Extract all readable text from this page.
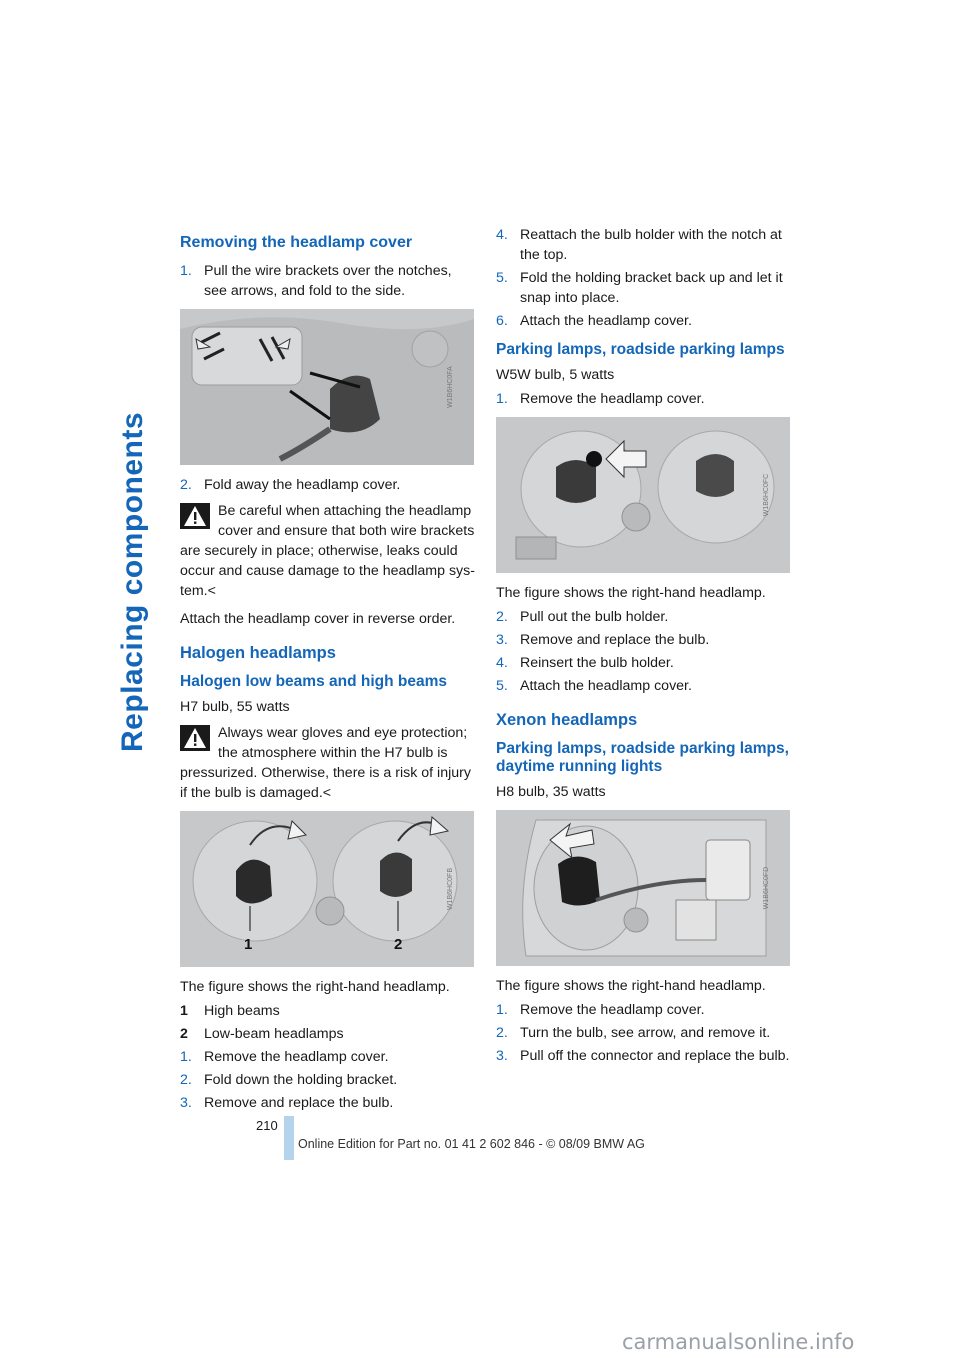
Replacing components
Removing the headlamp cover
1. Pull the wire brackets over the notches, see arrows, and fold to the side.
W1B6HC0FA
2. Fold away the headlamp cover.
Be careful when attaching the headlamp cover and ensure that both wire brackets are securely in place; otherwise, leaks could occur and cause damage to the headlamp sys-tem.<

Attach the headlamp cover in reverse order.

Halogen headlamps
Halogen low beams and high beams

H7 bulb, 55 watts

Always wear gloves and eye protection; the atmosphere within the H7 bulb is pressurized. Otherwise, there is a risk of injury if the bulb is damaged.<
1	2
W1B6HC0FB

The figure shows the right-hand headlamp.

1	High beams
2	Low-beam headlamps
1. Remove the headlamp cover.
2. Fold down the holding bracket.
3. Remove and replace the bulb.
4. Reattach the bulb holder with the notch at the top.
5. Fold the holding bracket back up and let it snap into place.
6. Attach the headlamp cover.
Parking lamps, roadside parking lamps

W5W bulb, 5 watts

1. Remove the headlamp cover.
W1B6HC0FC

The figure shows the right-hand headlamp.

2. Pull out the bulb holder.
3. Remove and replace the bulb.
4. Reinsert the bulb holder.
5. Attach the headlamp cover.
Xenon headlamps
Parking lamps, roadside parking lamps, daytime running lights

H8 bulb, 35 watts

W1B6HC0FD

The figure shows the right-hand headlamp.

1. Remove the headlamp cover.
2. Turn the bulb, see arrow, and remove it.
3. Pull off the connector and replace the bulb.
210
Online Edition for Part no. 01 41 2 602 846 - © 08/09 BMW AG
carmanualsonline.info
